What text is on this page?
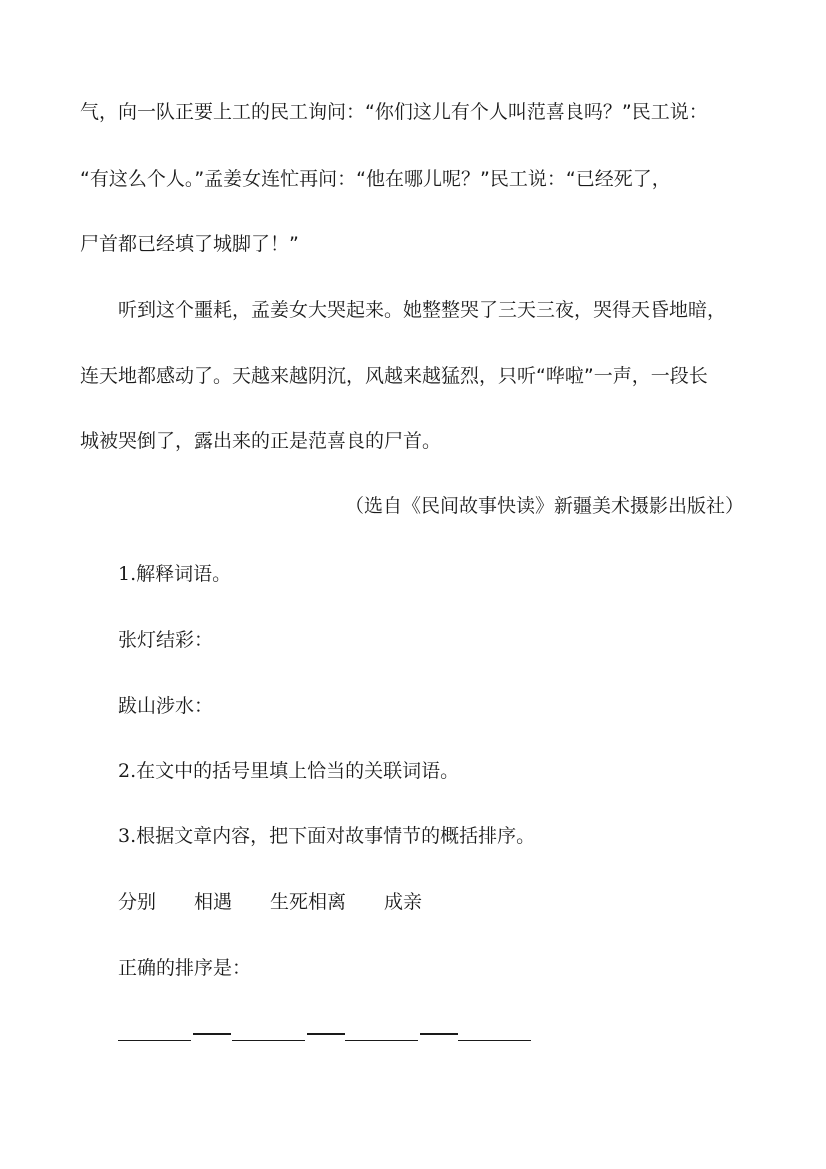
气，向一队正要上工的民工询问：“你们这儿有个人叫范喜良吗？”民工说：
“有这么个人。”孟姜女连忙再问：“他在哪儿呢？”民工说：“已经死了，
尸首都已经填了城脚了！”
听到这个噩耗，孟姜女大哭起来。她整整哭了三天三夜，哭得天昏地暗，
连天地都感动了。天越来越阴沉，风越来越猛烈，只听“哗啦”一声，一段长
城被哭倒了，露出来的正是范喜良的尸首。
（选自《民间故事快读》新疆美术摄影出版社）
1.解释词语。
张灯结彩：
跋山涉水：
2.在文中的括号里填上恰当的关联词语。
3.根据文章内容，把下面对故事情节的概括排序。
分别 相遇 生死相离 成亲
正确的排序是：
